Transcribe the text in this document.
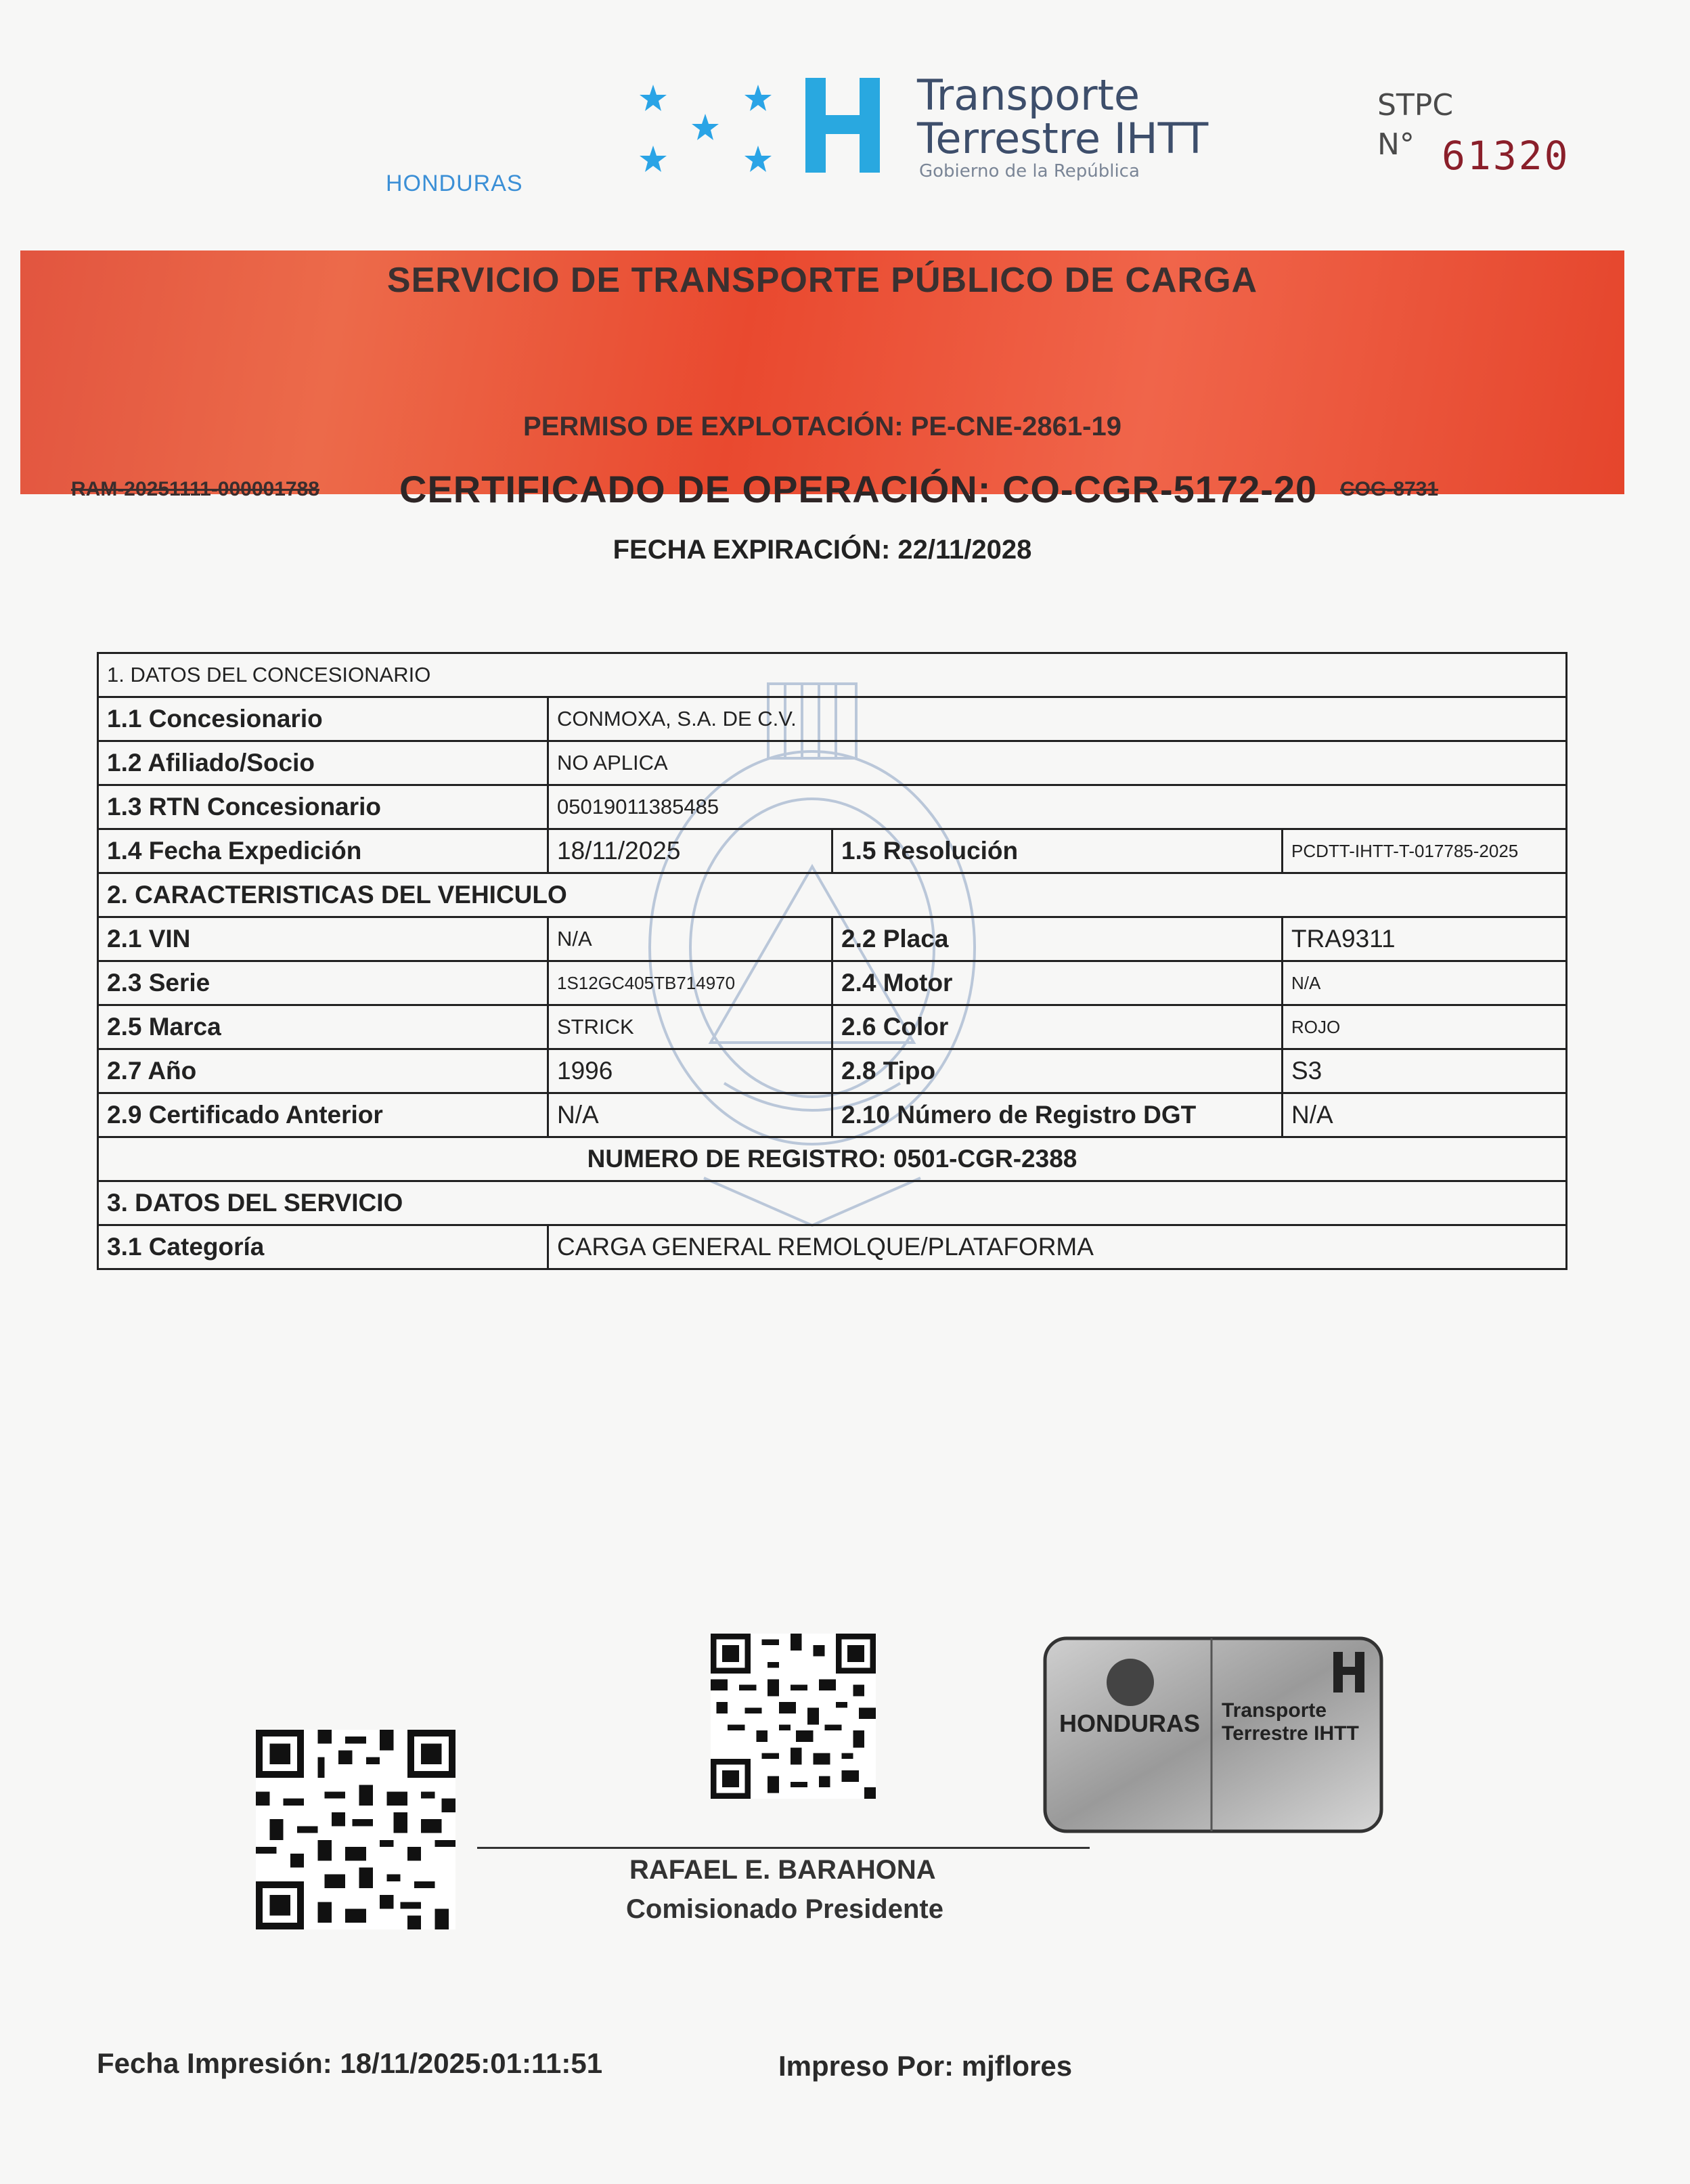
HONDURAS
Transporte
Terrestre IHTT
Gobierno de la República
STPC
N° 61320
SERVICIO DE TRANSPORTE PÚBLICO DE CARGA
PERMISO DE EXPLOTACIÓN: PE-CNE-2861-19
RAM-20251111-000001788 CERTIFICADO DE OPERACIÓN: CO-CGR-5172-20 COG-8731
FECHA EXPIRACIÓN: 22/11/2028
1. DATOS DEL CONCESIONARIO			
1.1 Concesionario	CONMOXA, S.A. DE C.V.		
1.2 Afiliado/Socio	NO APLICA		
1.3 RTN Concesionario	05019011385485		
1.4 Fecha Expedición	18/11/2025	1.5 Resolución	PCDTT-IHTT-T-017785-2025
2. CARACTERISTICAS DEL VEHICULO			
2.1 VIN	N/A	2.2 Placa	TRA9311
2.3 Serie	1S12GC405TB714970	2.4 Motor	N/A
2.5 Marca	STRICK	2.6 Color	ROJO
2.7 Año	1996	2.8 Tipo	S3
2.9 Certificado Anterior	N/A	2.10 Número de Registro DGT	N/A
NUMERO DE REGISTRO: 0501-CGR-2388			
3. DATOS DEL SERVICIO			
3.1 Categoría	CARGA GENERAL REMOLQUE/PLATAFORMA		
HONDURAS Transporte Terrestre IHTT
RAFAEL E. BARAHONA
Comisionado Presidente
Fecha Impresión: 18/11/2025:01:11:51	Impreso Por: mjflores
